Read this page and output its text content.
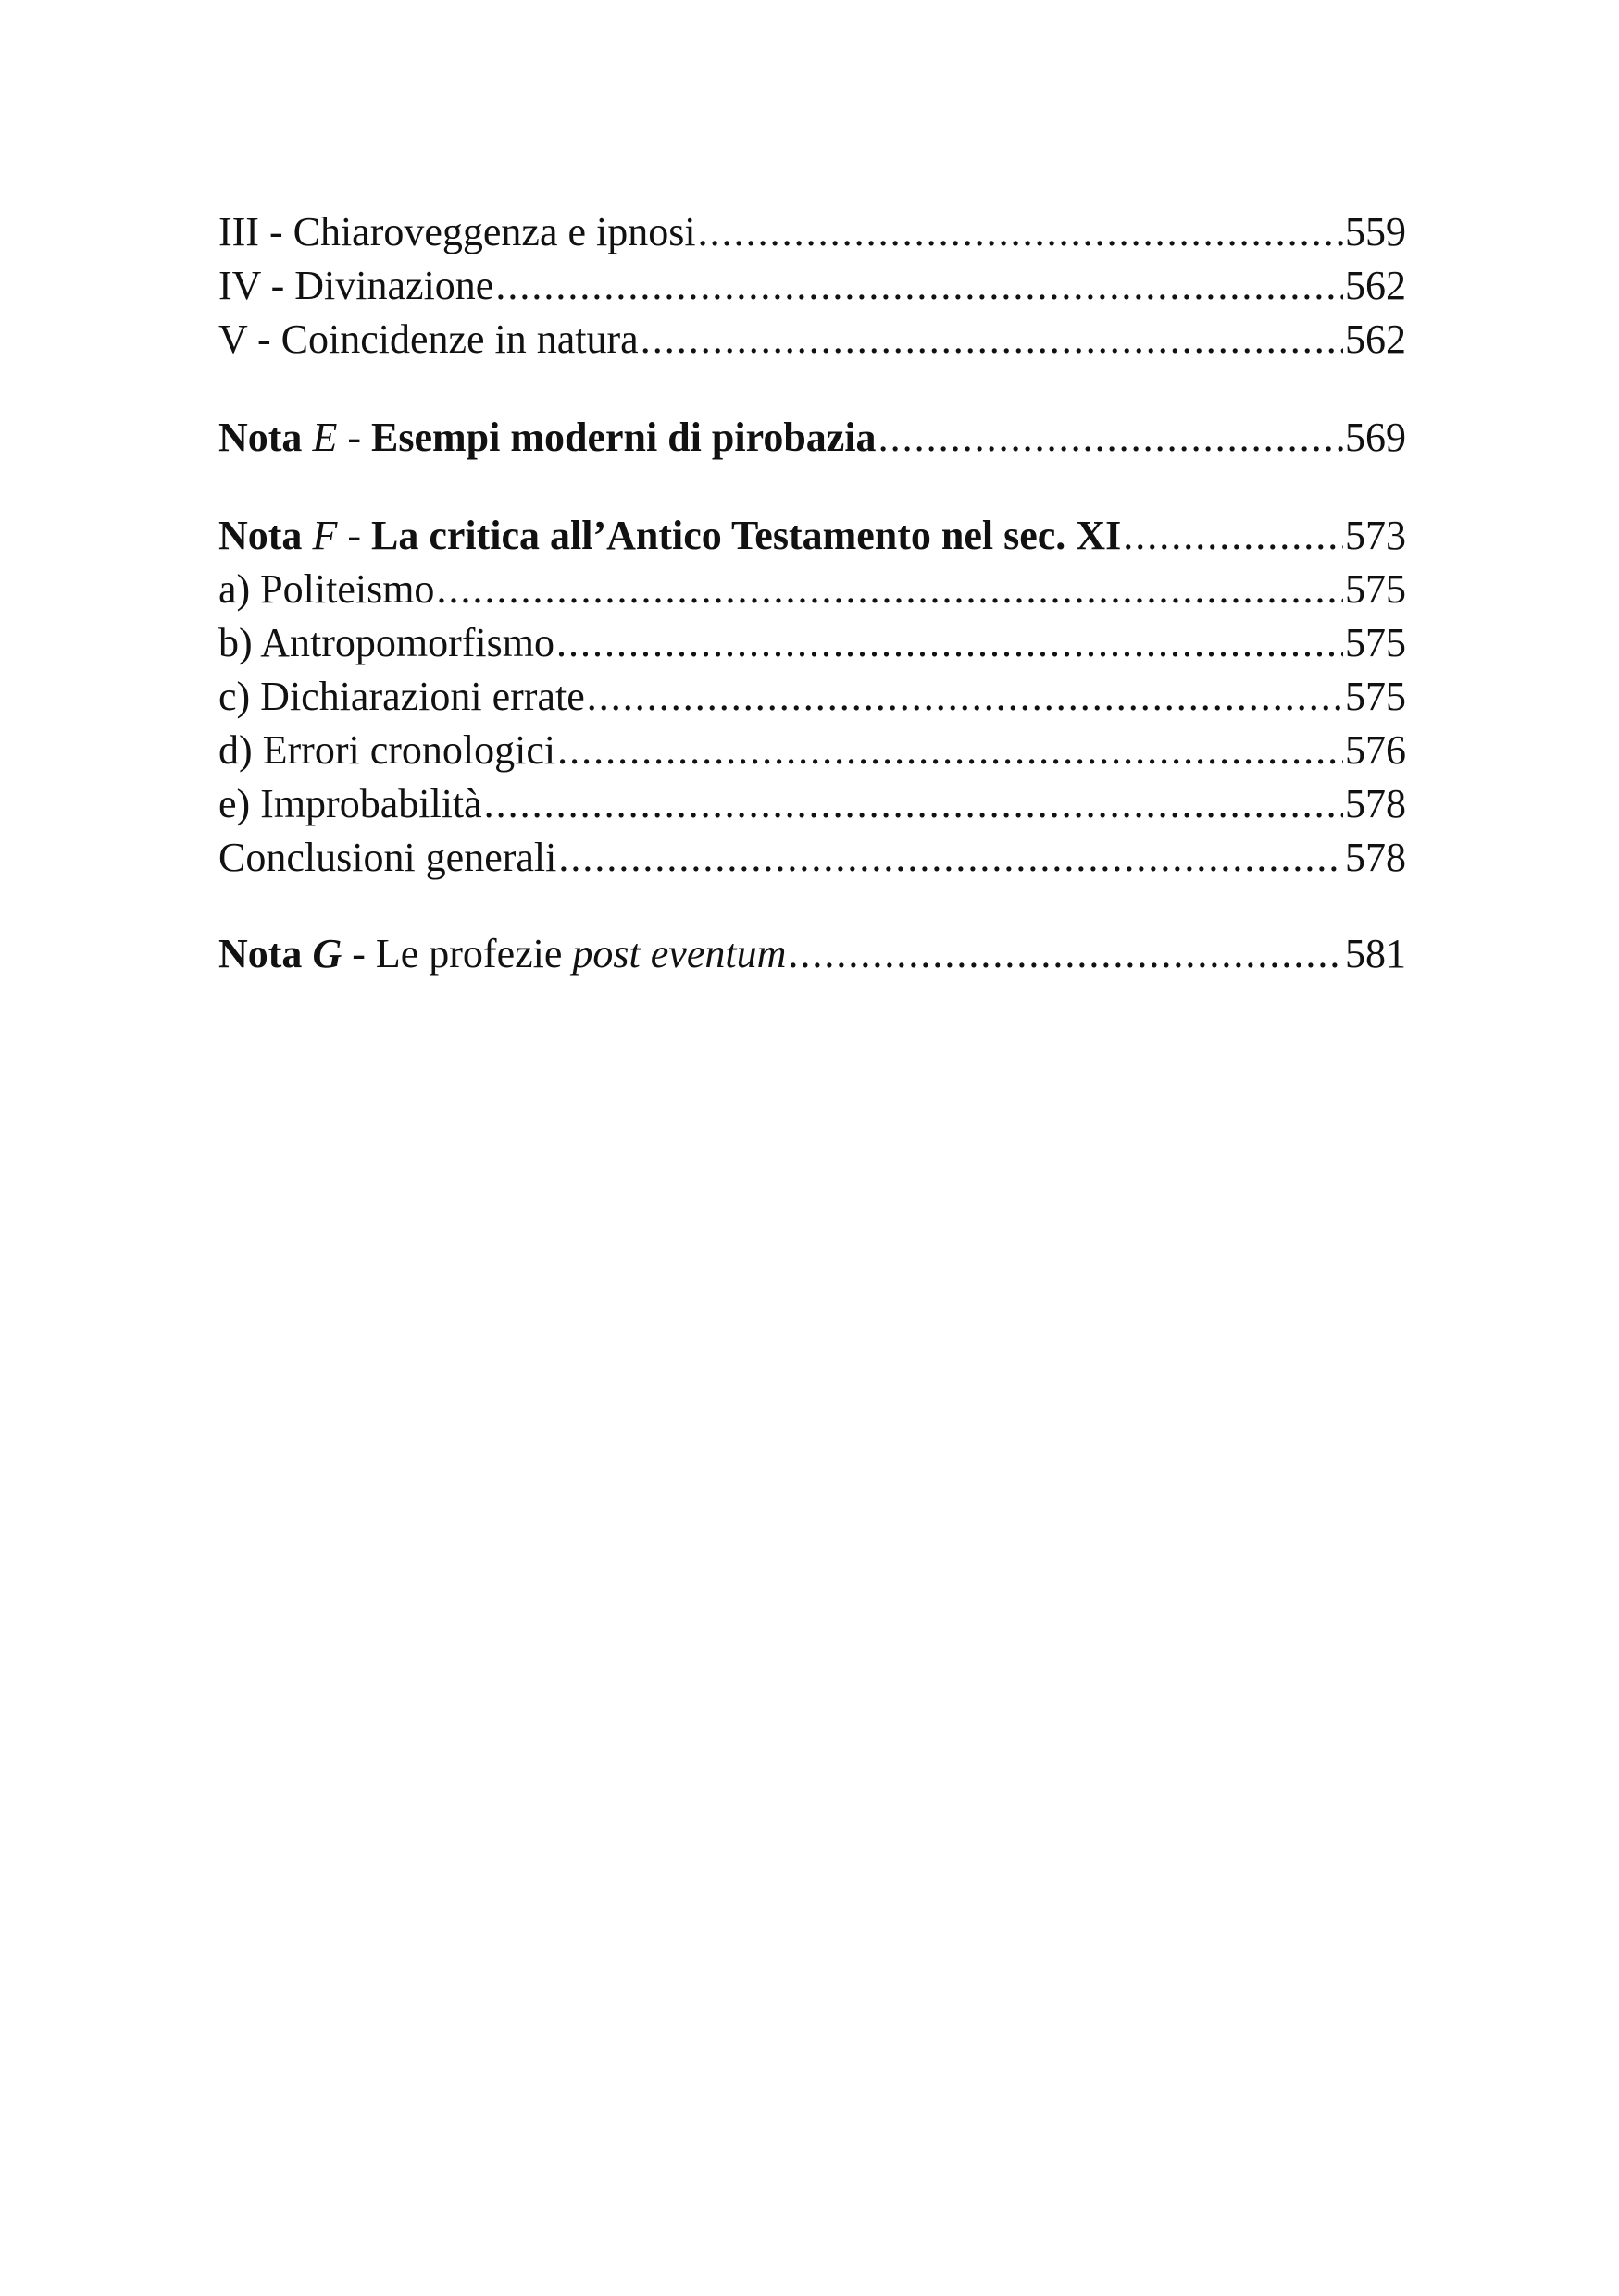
III - Chiaroveggenza e ipnosi .....	559
IV - Divinazione .....	562
V - Coincidenze in natura .....	562
Nota E - Esempi moderni di pirobazia .....	569
Nota F - La critica all’Antico Testamento nel sec. XI .....	573
a) Politeismo .....	575
b) Antropomorfismo .....	575
c) Dichiarazioni errate .....	575
d) Errori cronologici .....	576
e) Improbabilità .....	578
Conclusioni generali .....	578
Nota G - Le profezie post eventum .....	581
